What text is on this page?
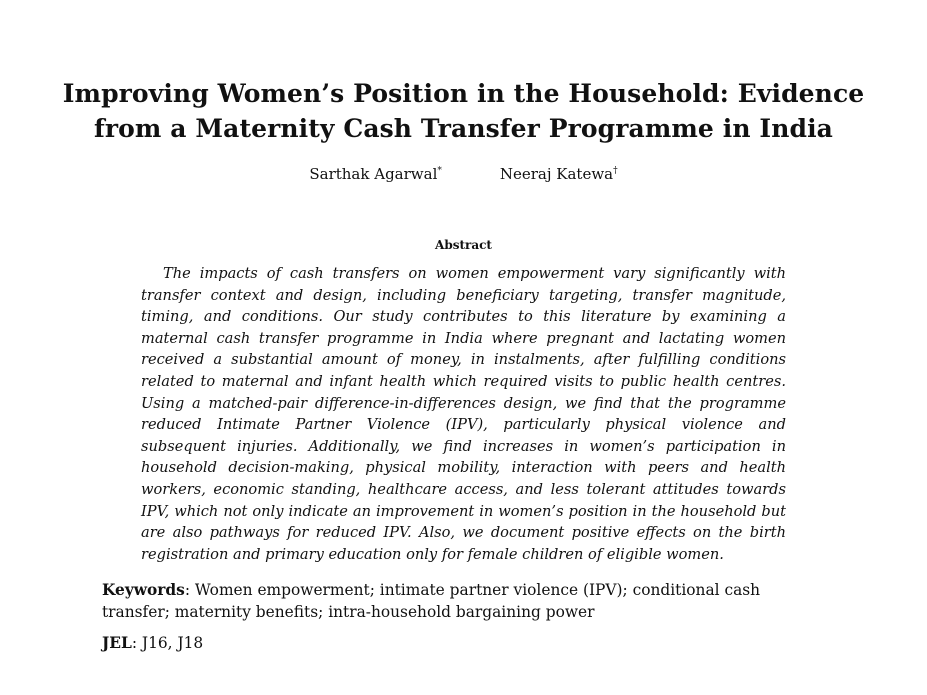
Improving Women’s Position in the Household: Evidence
from a Maternity Cash Transfer Programme in India
Sarthak Agarwal*	Neeraj Katewa†
Abstract

The impacts of cash transfers on women empowerment vary significantly with transfer context and design, including beneficiary targeting, transfer magnitude, timing, and conditions. Our study contributes to this literature by examining a maternal cash transfer programme in India where pregnant and lactating women received a substantial amount of money, in instalments, after fulfilling conditions related to maternal and infant health which required visits to public health centres. Using a matched-pair difference-in-differences design, we find that the programme reduced Intimate Partner Violence (IPV), particularly physical violence and subsequent injuries. Additionally, we find increases in women’s participation in household decision-making, physical mobility, interaction with peers and health workers, economic standing, healthcare access, and less tolerant attitudes towards IPV, which not only indicate an improvement in women’s position in the household but are also pathways for reduced IPV. Also, we document positive effects on the birth registration and primary education only for female children of eligible women.

Keywords: Women empowerment; intimate partner violence (IPV); conditional cash transfer; maternity benefits; intra-household bargaining power

JEL: J16, J18
